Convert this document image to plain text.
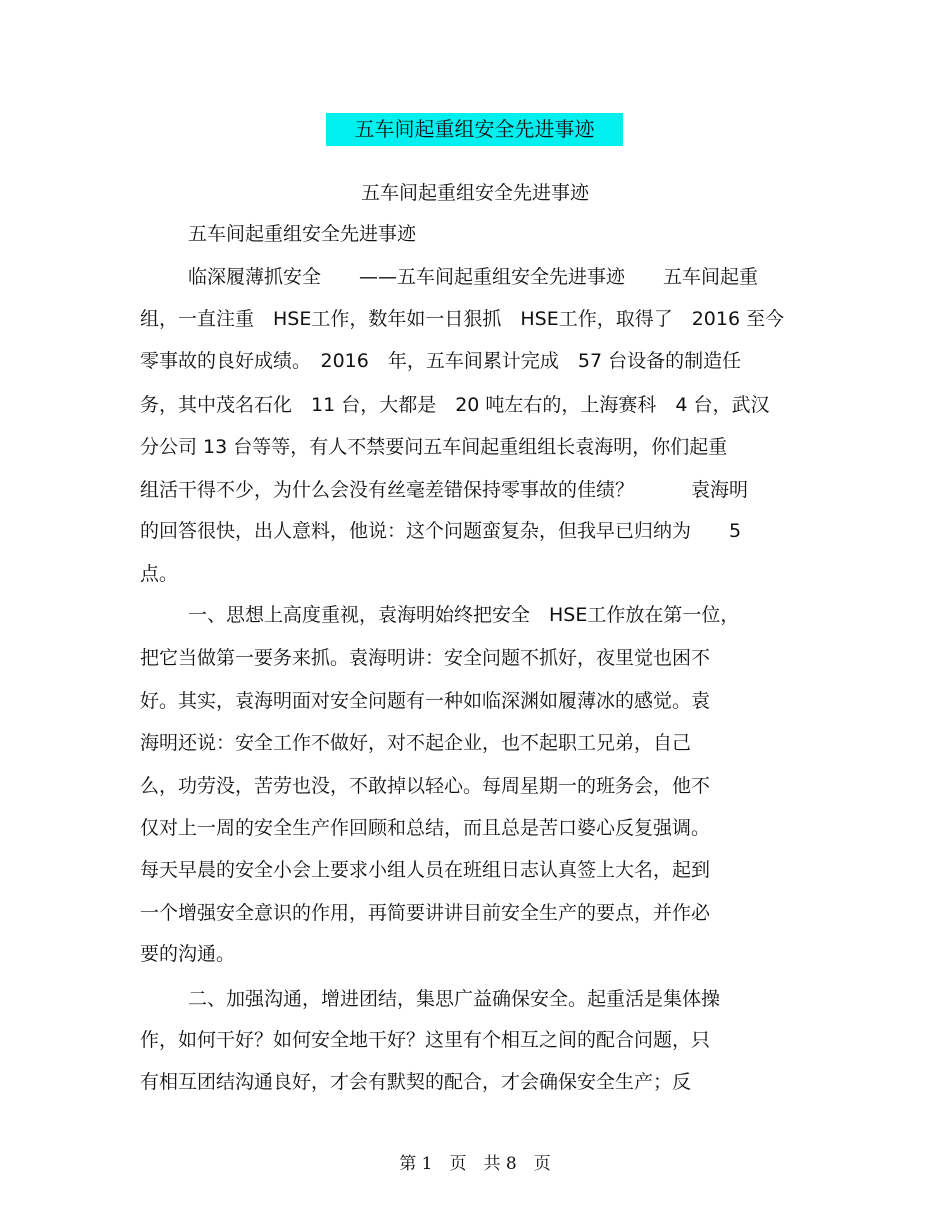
五车间起重组安全先进事迹
五车间起重组安全先进事迹
五车间起重组安全先进事迹
临深履薄抓安全　　——五车间起重组安全先进事迹　　五车间起重
组，一直注重　HSE工作，数年如一日狠抓　HSE工作，取得了　2016 至今
零事故的良好成绩。　2016　年，五车间累计完成　57 台设备的制造任
务，其中茂名石化　11 台，大都是　20 吨左右的，上海赛科　4 台，武汉
分公司 13 台等等，有人不禁要问五车间起重组组长袁海明，你们起重
组活干得不少，为什么会没有丝毫差错保持零事故的佳绩？　　　袁海明
的回答很快，出人意料，他说：这个问题蛮复杂，但我早已归纳为　　5
点。
一、思想上高度重视，袁海明始终把安全　HSE工作放在第一位，
把它当做第一要务来抓。袁海明讲：安全问题不抓好，夜里觉也困不
好。其实，袁海明面对安全问题有一种如临深渊如履薄冰的感觉。袁
海明还说：安全工作不做好，对不起企业，也不起职工兄弟，自己
么，功劳没，苦劳也没，不敢掉以轻心。每周星期一的班务会，他不
仅对上一周的安全生产作回顾和总结，而且总是苦口婆心反复强调。
每天早晨的安全小会上要求小组人员在班组日志认真签上大名，起到
一个增强安全意识的作用，再简要讲讲目前安全生产的要点，并作必
要的沟通。
二、加强沟通，增进团结，集思广益确保安全。起重活是集体操
作，如何干好？如何安全地干好？这里有个相互之间的配合问题，只
有相互团结沟通良好，才会有默契的配合，才会确保安全生产；反
第 1　页　共 8　页
